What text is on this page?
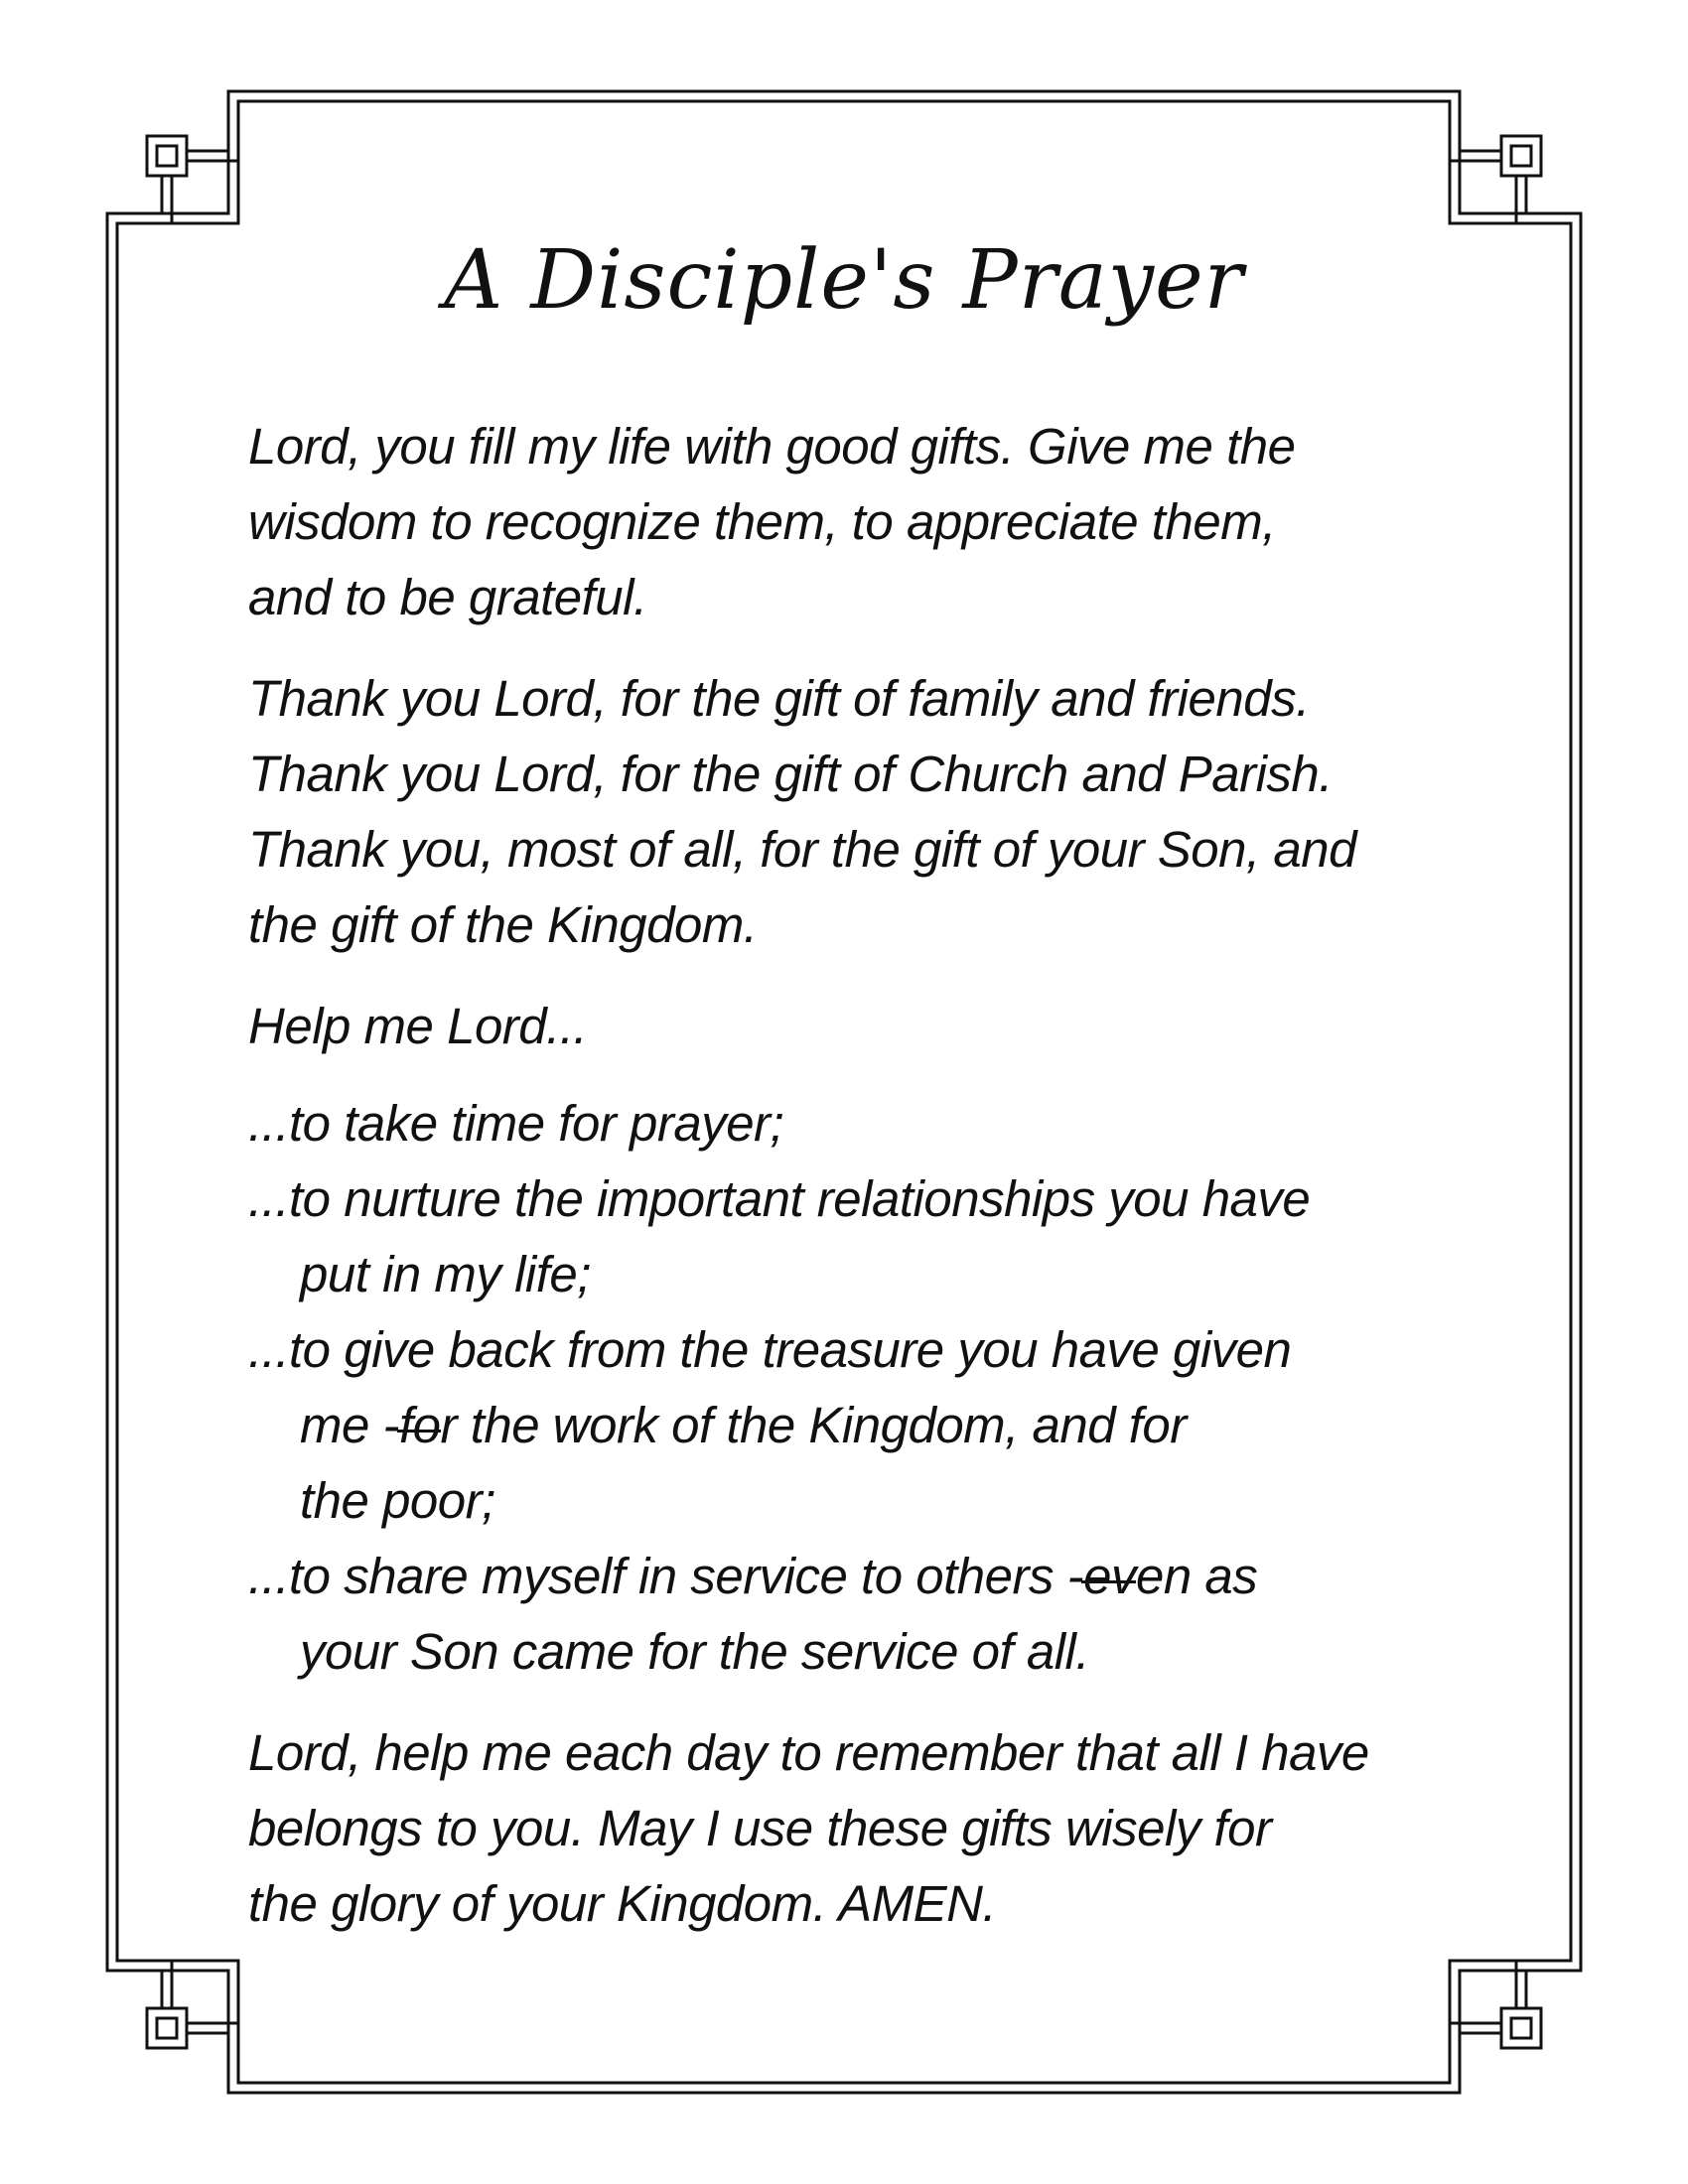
A Disciple's Prayer
Lord, you fill my life with good gifts. Give me the
wisdom to recognize them, to appreciate them,
and to be grateful.
Thank you Lord, for the gift of family and friends.
Thank you Lord, for the gift of Church and Parish.
Thank you, most of all, for the gift of your Son, and
the gift of the Kingdom.
Help me Lord...
...to take time for prayer;
...to nurture the important relationships you have
put in my life;
...to give back from the treasure you have given
me -for the work of the Kingdom, and for
the poor;
...to share myself in service to others -even as
your Son came for the service of all.
Lord, help me each day to remember that all I have
belongs to you. May I use these gifts wisely for
the glory of your Kingdom. AMEN.
